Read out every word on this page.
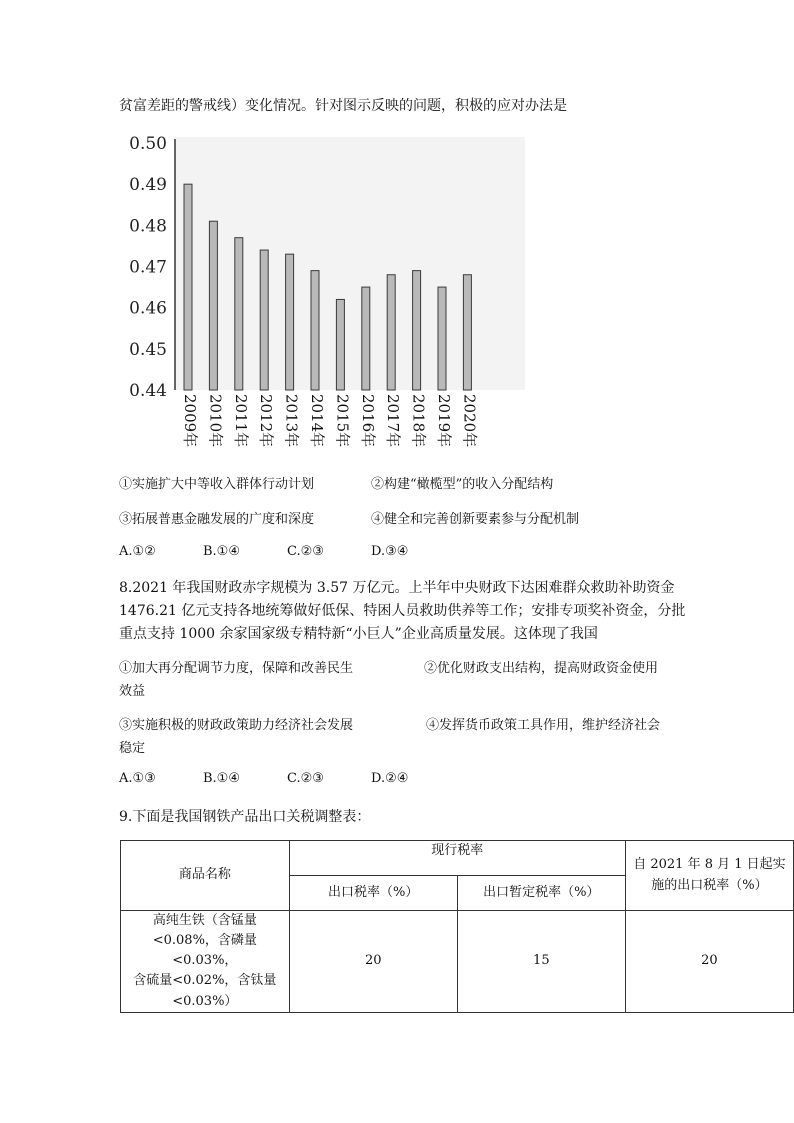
贫富差距的警戒线）变化情况。针对图示反映的问题，积极的应对办法是
0.50
0.49
0.48
0.47
0.46
0.45
0.44
2009年 2010年 2011年 2012年 2013年 2014年 2015年 2016年 2017年 2018年 2019年 2020年
①实施扩大中等收入群体行动计划	②构建“橄榄型”的收入分配结构
③拓展普惠金融发展的广度和深度	④健全和完善创新要素参与分配机制
A.①②	B.①④	C.②③	D.③④
8.2021 年我国财政赤字规模为 3.57 万亿元。上半年中央财政下达困难群众救助补助资金
1476.21 亿元支持各地统筹做好低保、特困人员救助供养等工作；安排专项奖补资金，分批
重点支持 1000 余家国家级专精特新“小巨人”企业高质量发展。这体现了我国
①加大再分配调节力度，保障和改善民生	②优化财政支出结构，提高财政资金使用
效益
③实施积极的财政政策助力经济社会发展	④发挥货币政策工具作用，维护经济社会
稳定
A.①③	B.①④	C.②③	D.②④
9.下面是我国钢铁产品出口关税调整表：
商品名称	现行税率		自 2021 年 8 月 1 日起实
施的出口税率（%）

	出口税率（%）	出口暂定税率（%）	

高纯生铁（含锰量
<0.08%，含磷量<0.03%，
含硫量<0.02%，含钛量
<0.03%）	20	15	20
